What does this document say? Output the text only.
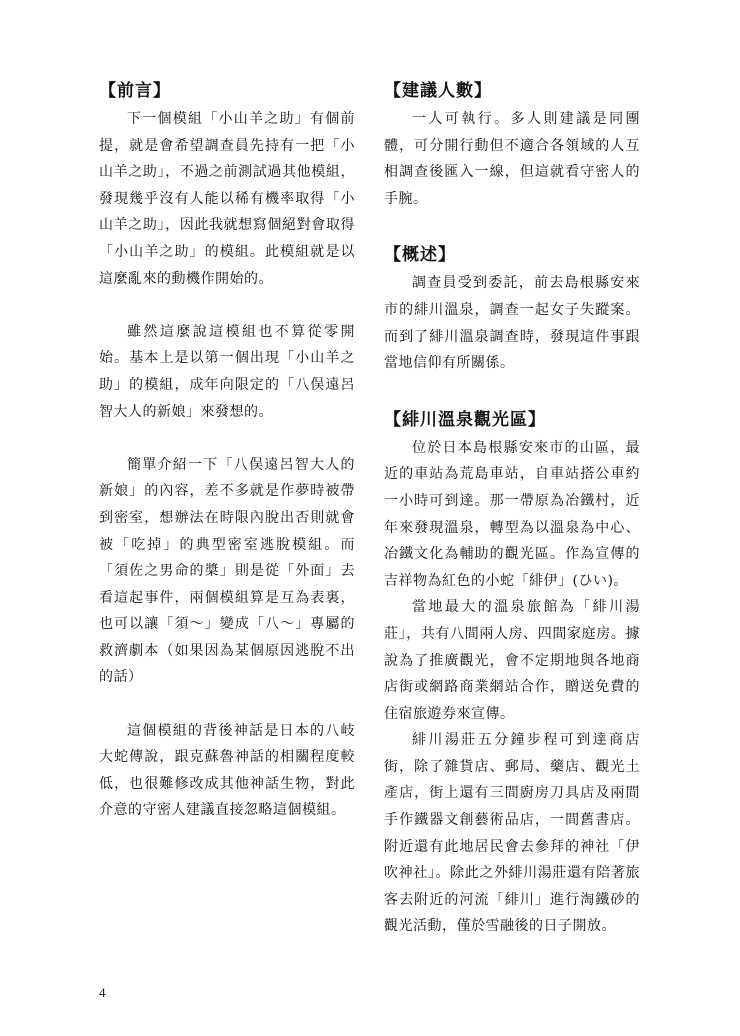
【前言】

下一個模組「小山羊之助」有個前提，就是會希望調查員先持有一把「小山羊之助」，不過之前測試過其他模組，發現幾乎沒有人能以稀有機率取得「小山羊之助」，因此我就想寫個絕對會取得「小山羊之助」的模組。此模組就是以這麼亂來的動機作開始的。

雖然這麼說這模組也不算從零開始。基本上是以第一個出現「小山羊之助」的模組，成年向限定的「八俣遠呂智大人的新娘」來發想的。

簡單介紹一下「八俣遠呂智大人的新娘」的內容，差不多就是作夢時被帶到密室，想辦法在時限內脫出否則就會被「吃掉」的典型密室逃脫模組。而「須佐之男命的槳」則是從「外面」去看這起事件，兩個模組算是互為表裏，也可以讓「須～」變成「八～」專屬的救濟劇本（如果因為某個原因逃脫不出的話）

這個模組的背後神話是日本的八岐大蛇傳說，跟克蘇魯神話的相關程度較低，也很難修改成其他神話生物，對此介意的守密人建議直接忽略這個模組。

【建議人數】

一人可執行。多人則建議是同團體，可分開行動但不適合各領域的人互相調查後匯入一線，但這就看守密人的手腕。

【概述】

調查員受到委託，前去島根縣安來市的緋川溫泉，調查一起女子失蹤案。而到了緋川溫泉調查時，發現這件事跟當地信仰有所關係。

【緋川溫泉觀光區】

位於日本島根縣安來市的山區，最近的車站為荒島車站，自車站搭公車約一小時可到達。那一帶原為冶鐵村，近年來發現溫泉，轉型為以溫泉為中心、冶鐵文化為輔助的觀光區。作為宣傳的吉祥物為紅色的小蛇「緋伊」(ひい)。

當地最大的溫泉旅館為「緋川湯莊」，共有八間兩人房、四間家庭房。據說為了推廣觀光，會不定期地與各地商店街或網路商業網站合作，贈送免費的住宿旅遊券來宣傳。

緋川湯莊五分鐘步程可到達商店街，除了雜貨店、郵局、藥店、觀光土產店，街上還有三間廚房刀具店及兩間手作鐵器文創藝術品店，一間舊書店。附近還有此地居民會去參拜的神社「伊吹神社」。除此之外緋川湯莊還有陪著旅客去附近的河流「緋川」進行淘鐵砂的觀光活動，僅於雪融後的日子開放。

4
